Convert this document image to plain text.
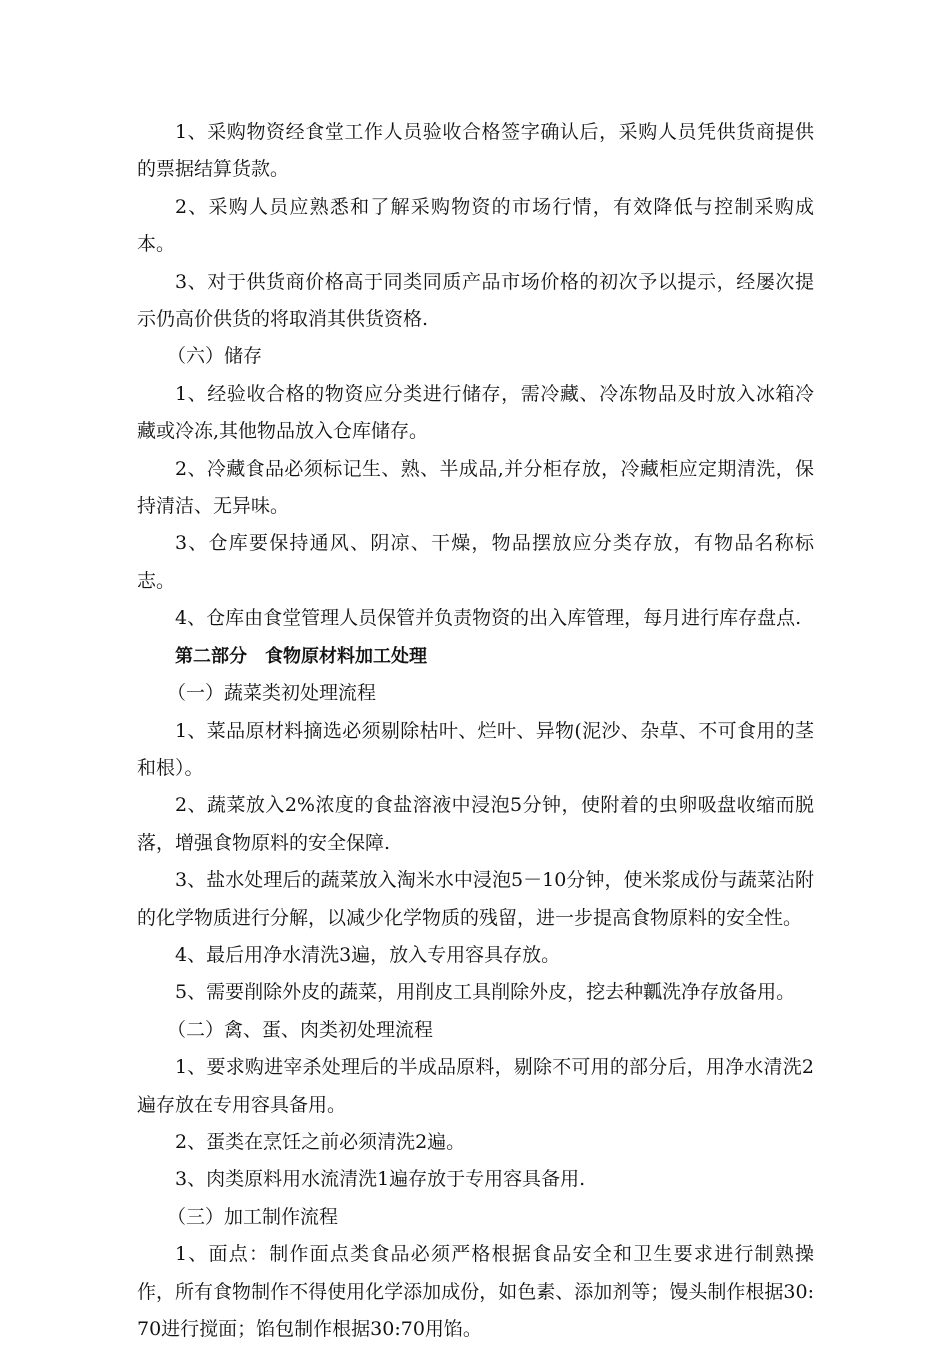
1、采购物资经食堂工作人员验收合格签字确认后，采购人员凭供货商提供的票据结算货款。

2、采购人员应熟悉和了解采购物资的市场行情，有效降低与控制采购成本。

3、对于供货商价格高于同类同质产品市场价格的初次予以提示，经屡次提示仍高价供货的将取消其供货资格.

（六）储存

1、经验收合格的物资应分类进行储存，需冷藏、冷冻物品及时放入冰箱冷藏或冷冻,其他物品放入仓库储存。

2、冷藏食品必须标记生、熟、半成品,并分柜存放，冷藏柜应定期清洗，保持清洁、无异味。

3、仓库要保持通风、阴凉、干燥，物品摆放应分类存放，有物品名称标志。

4、仓库由食堂管理人员保管并负责物资的出入库管理，每月进行库存盘点.

第二部分　食物原材料加工处理

（一）蔬菜类初处理流程

1、菜品原材料摘选必须剔除枯叶、烂叶、异物(泥沙、杂草、不可食用的茎和根）。

2、蔬菜放入2%浓度的食盐溶液中浸泡5分钟，使附着的虫卵吸盘收缩而脱落，增强食物原料的安全保障.

3、盐水处理后的蔬菜放入淘米水中浸泡5－10分钟，使米浆成份与蔬菜沾附的化学物质进行分解，以减少化学物质的残留，进一步提高食物原料的安全性。

4、最后用净水清洗3遍，放入专用容具存放。

5、需要削除外皮的蔬菜，用削皮工具削除外皮，挖去种瓤洗净存放备用。

（二）禽、蛋、肉类初处理流程

1、要求购进宰杀处理后的半成品原料，剔除不可用的部分后，用净水清洗2遍存放在专用容具备用。

2、蛋类在烹饪之前必须清洗2遍。

3、肉类原料用水流清洗1遍存放于专用容具备用.

（三）加工制作流程

1、面点：制作面点类食品必须严格根据食品安全和卫生要求进行制熟操作，所有食物制作不得使用化学添加成份，如色素、添加剂等；馒头制作根据30:70进行搅面；馅包制作根据30:70用馅。
